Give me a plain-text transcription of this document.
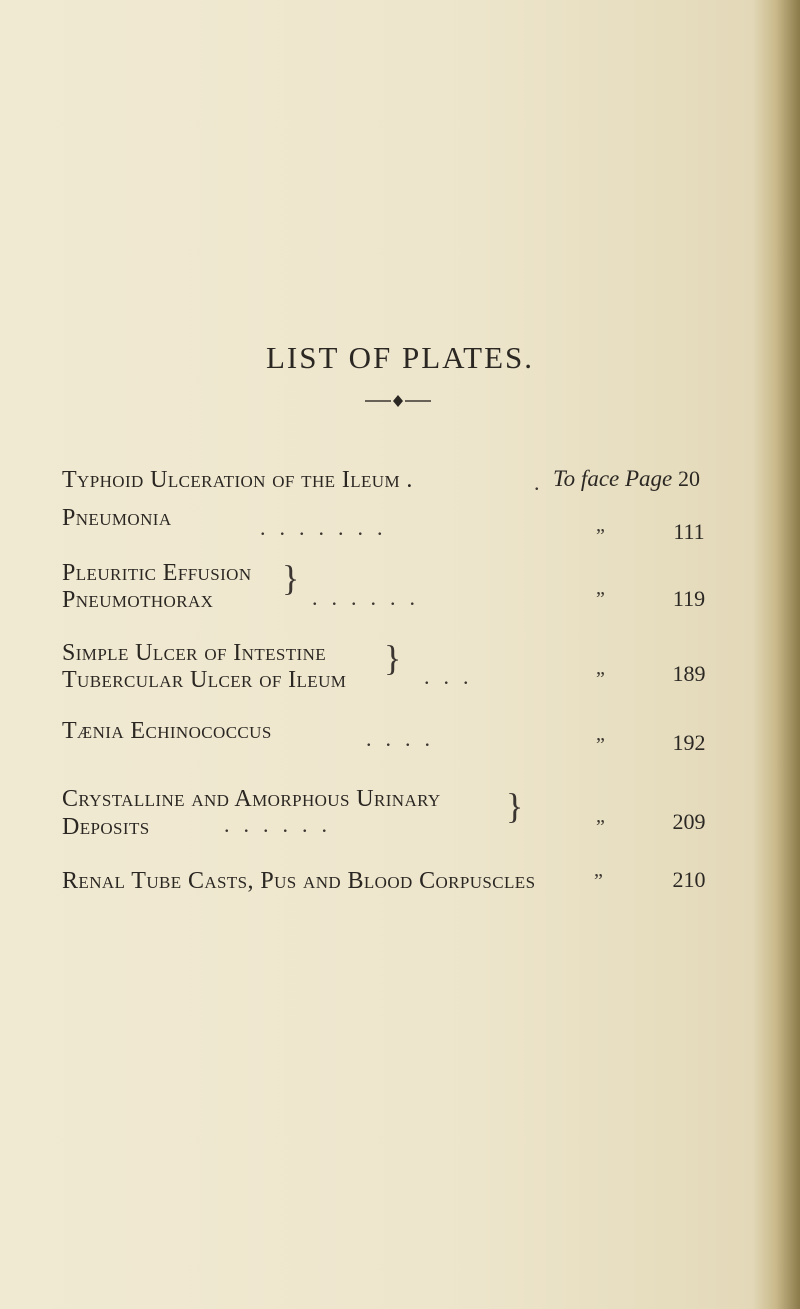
LIST OF PLATES.
Typhoid Ulceration of the Ileum .	. To face Page 20
Pneumonia	.......	”	111
Pleuritic Effusion
Pneumothorax
} ......	”	119
Simple Ulcer of Intestine
Tubercular Ulcer of Ileum
} ...	”	189
Tænia Echinococcus	....	”	192
Crystalline and Amorphous Urinary
Deposits
}
......	”	209
Renal Tube Casts, Pus and Blood Corpuscles	”	210
